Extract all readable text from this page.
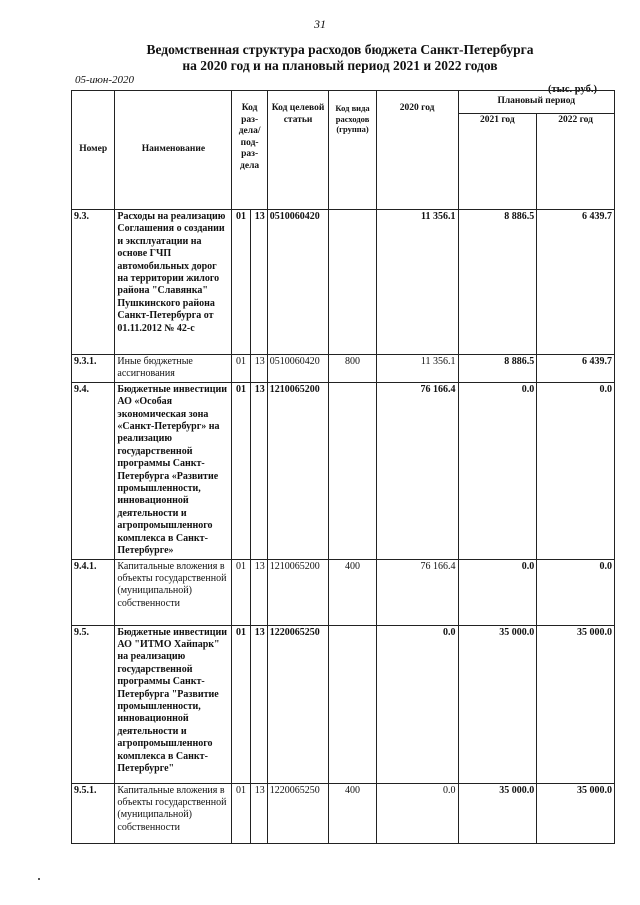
31
Ведомственная структура расходов бюджета Санкт-Петербурга
на 2020 год и на плановый период 2021 и 2022 годов
05-июн-2020
(тыс. руб.)
Номер	Наименование	Код раз-дела/ под-раз-дела		Код целевой статьи	Код вида расходов (группа)	2020 год	Плановый период	
							2021 год	2022 год
9.3.	Расходы на реализацию Соглашения о создании и эксплуатации на основе ГЧП автомобильных дорог на территории жилого района "Славянка" Пушкинского района Санкт-Петербурга от 01.11.2012 № 42-с	01	13	0510060420		11 356.1	8 886.5	6 439.7
9.3.1.	Иные бюджетные ассигнования	01	13	0510060420	800	11 356.1	8 886.5	6 439.7
9.4.	Бюджетные инвестиции АО «Особая экономическая зона «Санкт-Петербург» на реализацию государственной программы Санкт-Петербурга «Развитие промышленности, инновационной деятельности и агропромышленного комплекса в Санкт-Петербурге»	01	13	1210065200		76 166.4	0.0	0.0
9.4.1.	Капитальные вложения в объекты государственной (муниципальной) собственности	01	13	1210065200	400	76 166.4	0.0	0.0
9.5.	Бюджетные инвестиции АО "ИТМО Хайпарк" на реализацию государственной программы Санкт-Петербурга "Развитие промышленности, инновационной деятельности и агропромышленного комплекса в Санкт-Петербурге"	01	13	1220065250		0.0	35 000.0	35 000.0
9.5.1.	Капитальные вложения в объекты государственной (муниципальной) собственности	01	13	1220065250	400	0.0	35 000.0	35 000.0
